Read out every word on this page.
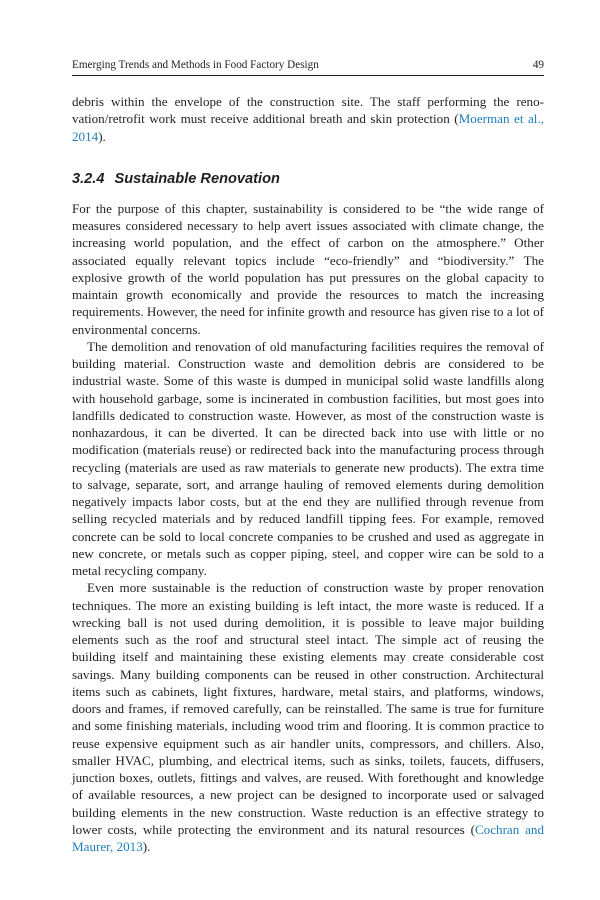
Emerging Trends and Methods in Food Factory Design	49

debris within the envelope of the construction site. The staff performing the renovation/retrofit work must receive additional breath and skin protection (Moerman et al., 2014).

3.2.4 Sustainable Renovation

For the purpose of this chapter, sustainability is considered to be “the wide range of measures considered necessary to help avert issues associated with climate change, the increasing world population, and the effect of carbon on the atmosphere.” Other associated equally relevant topics include “eco-friendly” and “biodiversity.” The explosive growth of the world population has put pressures on the global capacity to maintain growth economically and provide the resources to match the increasing requirements. However, the need for infinite growth and resource has given rise to a lot of environmental concerns.

The demolition and renovation of old manufacturing facilities requires the removal of building material. Construction waste and demolition debris are considered to be industrial waste. Some of this waste is dumped in municipal solid waste landfills along with household garbage, some is incinerated in combustion facilities, but most goes into landfills dedicated to construction waste. However, as most of the construction waste is nonhazardous, it can be diverted. It can be directed back into use with little or no modification (materials reuse) or redirected back into the manufacturing process through recycling (materials are used as raw materials to generate new products). The extra time to salvage, separate, sort, and arrange hauling of removed elements during demolition negatively impacts labor costs, but at the end they are nullified through revenue from selling recycled materials and by reduced landfill tipping fees. For example, removed concrete can be sold to local concrete companies to be crushed and used as aggregate in new concrete, or metals such as copper piping, steel, and copper wire can be sold to a metal recycling company.

Even more sustainable is the reduction of construction waste by proper renovation techniques. The more an existing building is left intact, the more waste is reduced. If a wrecking ball is not used during demolition, it is possible to leave major building elements such as the roof and structural steel intact. The simple act of reusing the building itself and maintaining these existing elements may create considerable cost savings. Many building components can be reused in other construction. Architectural items such as cabinets, light fixtures, hardware, metal stairs, and platforms, windows, doors and frames, if removed carefully, can be reinstalled. The same is true for furniture and some finishing materials, including wood trim and flooring. It is common practice to reuse expensive equipment such as air handler units, compressors, and chillers. Also, smaller HVAC, plumbing, and electrical items, such as sinks, toilets, faucets, diffusers, junction boxes, outlets, fittings and valves, are reused. With forethought and knowledge of available resources, a new project can be designed to incorporate used or salvaged building elements in the new construction. Waste reduction is an effective strategy to lower costs, while protecting the environment and its natural resources (Cochran and Maurer, 2013).
